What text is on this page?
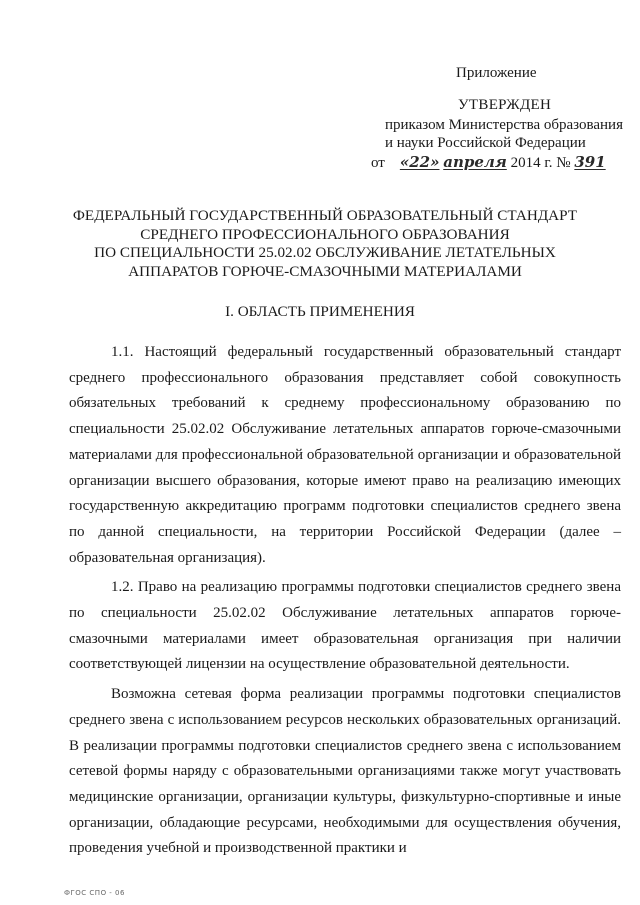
Приложение
УТВЕРЖДЕН
приказом Министерства образования
и науки Российской Федерации
от «22» апреля 2014 г. № 391
ФЕДЕРАЛЬНЫЙ ГОСУДАРСТВЕННЫЙ ОБРАЗОВАТЕЛЬНЫЙ СТАНДАРТ
СРЕДНЕГО ПРОФЕССИОНАЛЬНОГО ОБРАЗОВАНИЯ
ПО СПЕЦИАЛЬНОСТИ 25.02.02 ОБСЛУЖИВАНИЕ ЛЕТАТЕЛЬНЫХ
АППАРАТОВ ГОРЮЧЕ-СМАЗОЧНЫМИ МАТЕРИАЛАМИ
I. ОБЛАСТЬ ПРИМЕНЕНИЯ

1.1. Настоящий федеральный государственный образовательный стандарт среднего профессионального образования представляет собой совокупность обязательных требований к среднему профессиональному образованию по специальности 25.02.02 Обслуживание летательных аппаратов горюче-смазочными материалами для профессиональной образовательной организации и образовательной организации высшего образования, которые имеют право на реализацию имеющих государственную аккредитацию программ подготовки специалистов среднего звена по данной специальности, на территории Российской Федерации (далее – образовательная организация).

1.2. Право на реализацию программы подготовки специалистов среднего звена по специальности 25.02.02 Обслуживание летательных аппаратов горюче-смазочными материалами имеет образовательная организация при наличии соответствующей лицензии на осуществление образовательной деятельности.

Возможна сетевая форма реализации программы подготовки специалистов среднего звена с использованием ресурсов нескольких образовательных организаций. В реализации программы подготовки специалистов среднего звена с использованием сетевой формы наряду с образовательными организациями также могут участвовать медицинские организации, организации культуры, физкультурно-спортивные и иные организации, обладающие ресурсами, необходимыми для осуществления обучения, проведения учебной и производственной практики и

ФГОС СПО - 06
